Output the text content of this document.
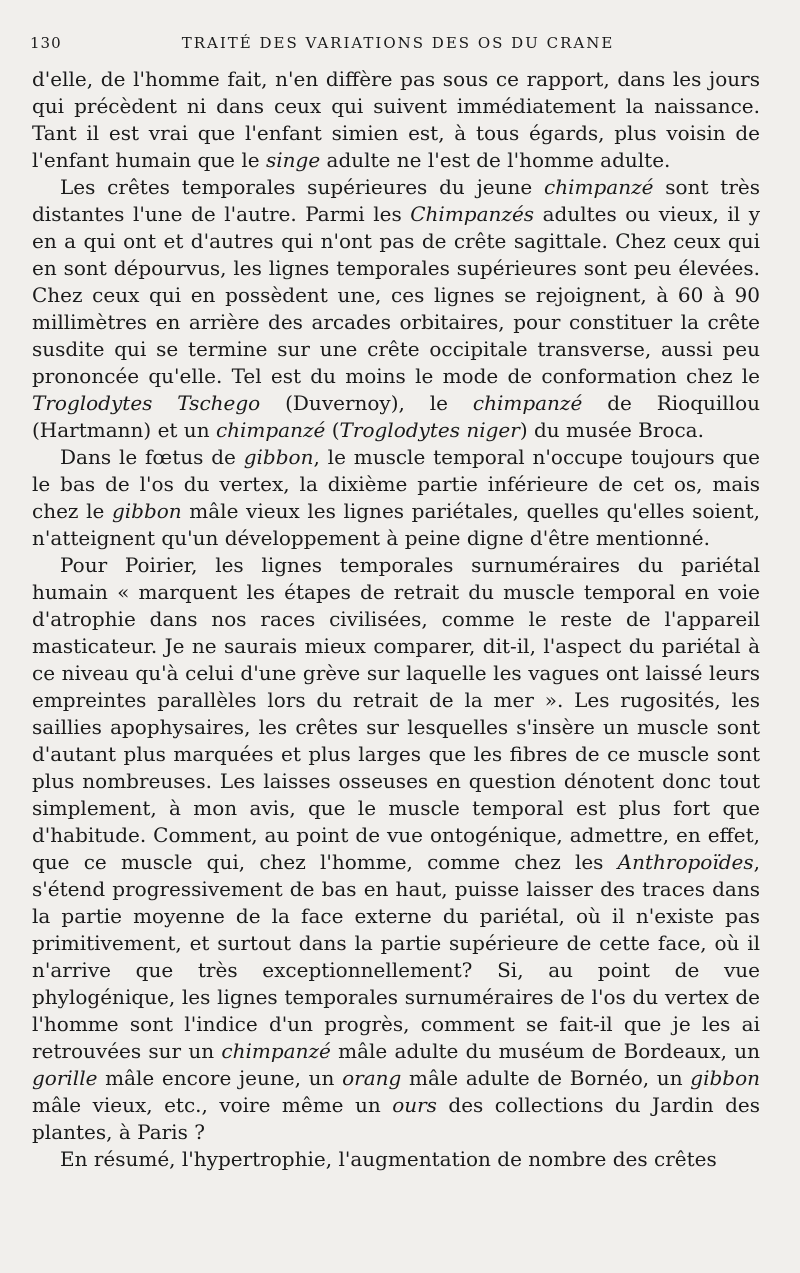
130	TRAITÉ DES VARIATIONS DES OS DU CRANE

d'elle, de l'homme fait, n'en diffère pas sous ce rapport, dans les jours qui précèdent ni dans ceux qui suivent immédiatement la naissance. Tant il est vrai que l'enfant simien est, à tous égards, plus voisin de l'enfant humain que le singe adulte ne l'est de l'homme adulte.

Les crêtes temporales supérieures du jeune chimpanzé sont très distantes l'une de l'autre. Parmi les Chimpanzés adultes ou vieux, il y en a qui ont et d'autres qui n'ont pas de crête sagittale. Chez ceux qui en sont dépourvus, les lignes temporales supérieures sont peu élevées. Chez ceux qui en possèdent une, ces lignes se rejoignent, à 60 à 90 millimètres en arrière des arcades orbitaires, pour constituer la crête susdite qui se termine sur une crête occipitale transverse, aussi peu prononcée qu'elle. Tel est du moins le mode de conformation chez le Troglodytes Tschego (Duvernoy), le chimpanzé de Rioquillou (Hartmann) et un chimpanzé (Troglodytes niger) du musée Broca.

Dans le fœtus de gibbon, le muscle temporal n'occupe toujours que le bas de l'os du vertex, la dixième partie inférieure de cet os, mais chez le gibbon mâle vieux les lignes pariétales, quelles qu'elles soient, n'atteignent qu'un développement à peine digne d'être mentionné.

Pour Poirier, les lignes temporales surnuméraires du pariétal humain « marquent les étapes de retrait du muscle temporal en voie d'atrophie dans nos races civilisées, comme le reste de l'appareil masticateur. Je ne saurais mieux comparer, dit-il, l'aspect du pariétal à ce niveau qu'à celui d'une grève sur laquelle les vagues ont laissé leurs empreintes parallèles lors du retrait de la mer ». Les rugosités, les saillies apophysaires, les crêtes sur lesquelles s'insère un muscle sont d'autant plus marquées et plus larges que les fibres de ce muscle sont plus nombreuses. Les laisses osseuses en question dénotent donc tout simplement, à mon avis, que le muscle temporal est plus fort que d'habitude. Comment, au point de vue ontogénique, admettre, en effet, que ce muscle qui, chez l'homme, comme chez les Anthropoïdes, s'étend progressivement de bas en haut, puisse laisser des traces dans la partie moyenne de la face externe du pariétal, où il n'existe pas primitivement, et surtout dans la partie supérieure de cette face, où il n'arrive que très exceptionnellement? Si, au point de vue phylogénique, les lignes temporales surnuméraires de l'os du vertex de l'homme sont l'indice d'un progrès, comment se fait-il que je les ai retrouvées sur un chimpanzé mâle adulte du muséum de Bordeaux, un gorille mâle encore jeune, un orang mâle adulte de Bornéo, un gibbon mâle vieux, etc., voire même un ours des collections du Jardin des plantes, à Paris ?

En résumé, l'hypertrophie, l'augmentation de nombre des crêtes
